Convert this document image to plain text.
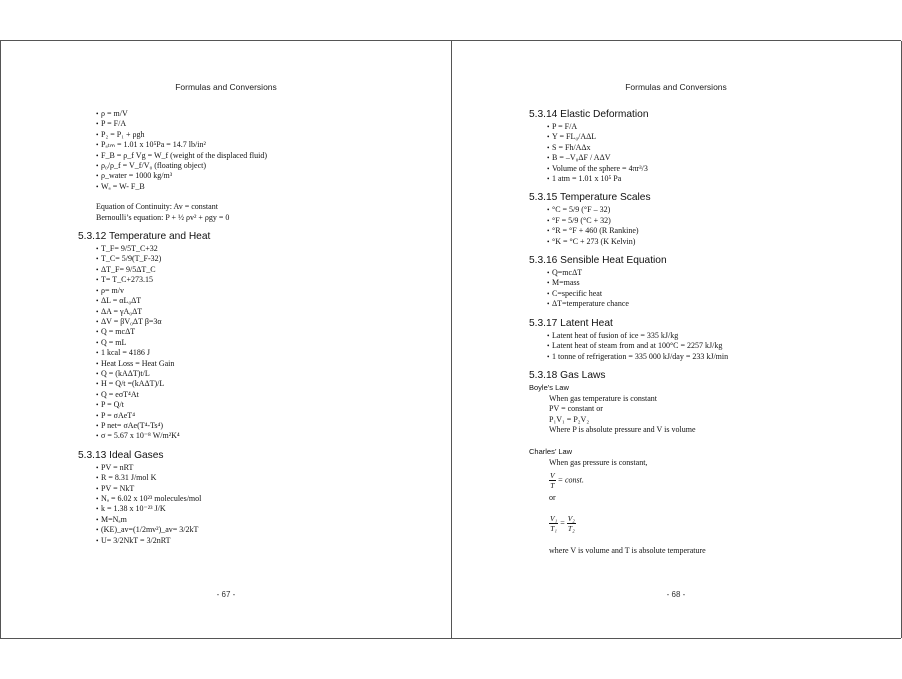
Formulas and Conversions
• ρ = m/V
• P = F/A
• P₂ = P₁ + ρgh
• Pₐₜₘ = 1.01 x 10⁵Pa = 14.7 lb/in²
• F_B = ρ_f Vg = W_f (weight of the displaced fluid)
• ρ₀/ρ_f = V_f/V₀ (floating object)
• ρ_water = 1000 kg/m³
• Wₐ = W- F_B
Equation of Continuity: Av = constant
Bernoulli’s equation: P + ½ ρv² + ρgy = 0
5.3.12 Temperature and Heat
• T_F= 9/5T_C+32
• T_C= 5/9(T_F-32)
• ΔT_F= 9/5ΔT_C
• T= T_C+273.15
• ρ= m/v
• ΔL = αL₀ΔT
• ΔA = γA₀ΔT
• ΔV = βV₀ΔT β=3α
• Q = mcΔT
• Q = mL
• 1 kcal = 4186 J
• Heat Loss = Heat Gain
• Q = (kAΔT)t/L
• H = Q/t =(kAΔT)/L
• Q = eσT⁴At
• P = Q/t
• P = σAeT⁴
• P net= σAe(T⁴-Ts⁴)
• σ = 5.67 x 10⁻⁸ W/m²K⁴
5.3.13 Ideal Gases
• PV = nRT
• R = 8.31 J/mol K
• PV = NkT
• Nₐ = 6.02 x 10²³ molecules/mol
• k = 1.38 x 10⁻²³ J/K
• M=Nₐm
• (KE)_av=(1/2mv²)_av= 3/2kT
• U= 3/2NkT = 3/2nRT
- 67 -
Formulas and Conversions
5.3.14 Elastic Deformation
• P = F/A
• Y = FL₀/AΔL
• S = Fh/AΔx
• B = –V₀ΔF / AΔV
• Volume of the sphere = 4πr³/3
• 1 atm = 1.01 x 10⁵ Pa
5.3.15 Temperature Scales
• °C = 5/9 (°F – 32)
• °F = 5/9 (°C + 32)
• °R = °F + 460 (R Rankine)
• °K = °C + 273 (K Kelvin)
5.3.16 Sensible Heat Equation
• Q=mcΔT
• M=mass
• C=specific heat
• ΔT=temperature chance
5.3.17 Latent Heat
• Latent heat of fusion of ice = 335 kJ/kg
• Latent heat of steam from and at 100°C = 2257 kJ/kg
• 1 tonne of refrigeration = 335 000 kJ/day = 233 kJ/min
5.3.18 Gas Laws
Boyle’s Law
When gas temperature is constant
PV = constant or
P₁V₁ = P₂V₂
Where P is absolute pressure and V is volume
Charles’ Law
When gas pressure is constant,
$\frac{V}{T}$ = const.
or
$\frac{\text{V₁}}{\text{T₁}} = \frac{\text{V₂}}{\text{T₂}}$
where V is volume and T is absolute temperature
- 68 -
